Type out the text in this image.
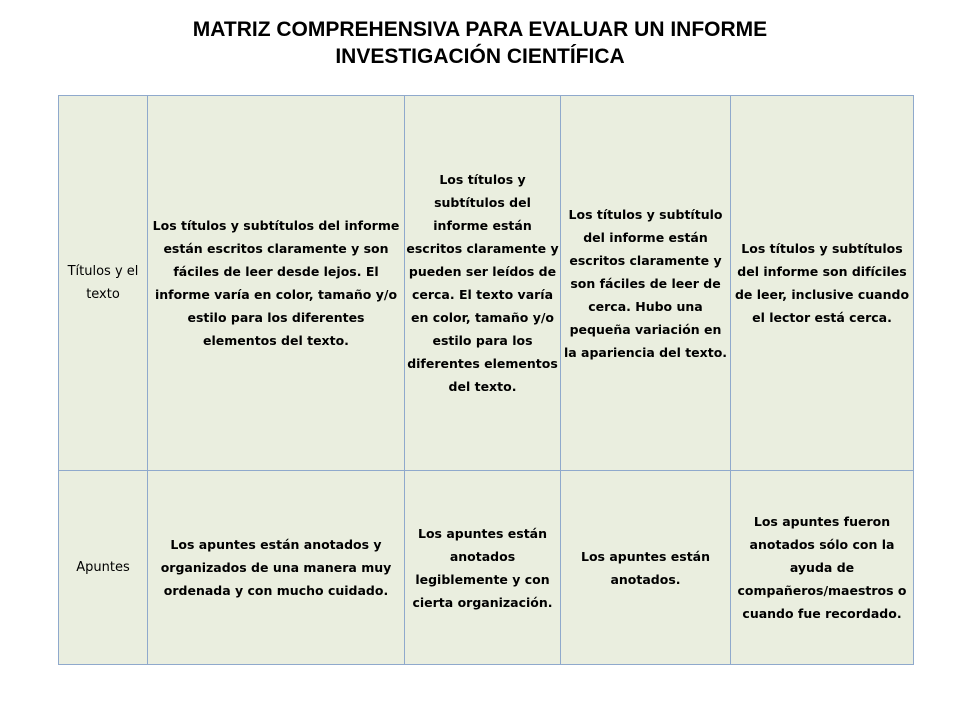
MATRIZ COMPREHENSIVA PARA EVALUAR UN INFORME
INVESTIGACIÓN CIENTÍFICA
Títulos y el texto	Los títulos y subtítulos del informe están escritos claramente y son fáciles de leer desde lejos. El informe varía en color, tamaño y/o estilo para los diferentes elementos del texto.	Los títulos y subtítulos del informe están escritos claramente y pueden ser leídos de cerca. El texto varía en color, tamaño y/o estilo para los diferentes elementos del texto.	Los títulos y subtítulo del informe están escritos claramente y son fáciles de leer de cerca. Hubo una pequeña variación en la apariencia del texto.	Los títulos y subtítulos del informe son difíciles de leer, inclusive cuando el lector está cerca.
Apuntes	Los apuntes están anotados y organizados de una manera muy ordenada y con mucho cuidado.	Los apuntes están anotados legiblemente y con cierta organización.	Los apuntes están anotados.	Los apuntes fueron anotados sólo con la ayuda de compañeros/maestros o cuando fue recordado.
